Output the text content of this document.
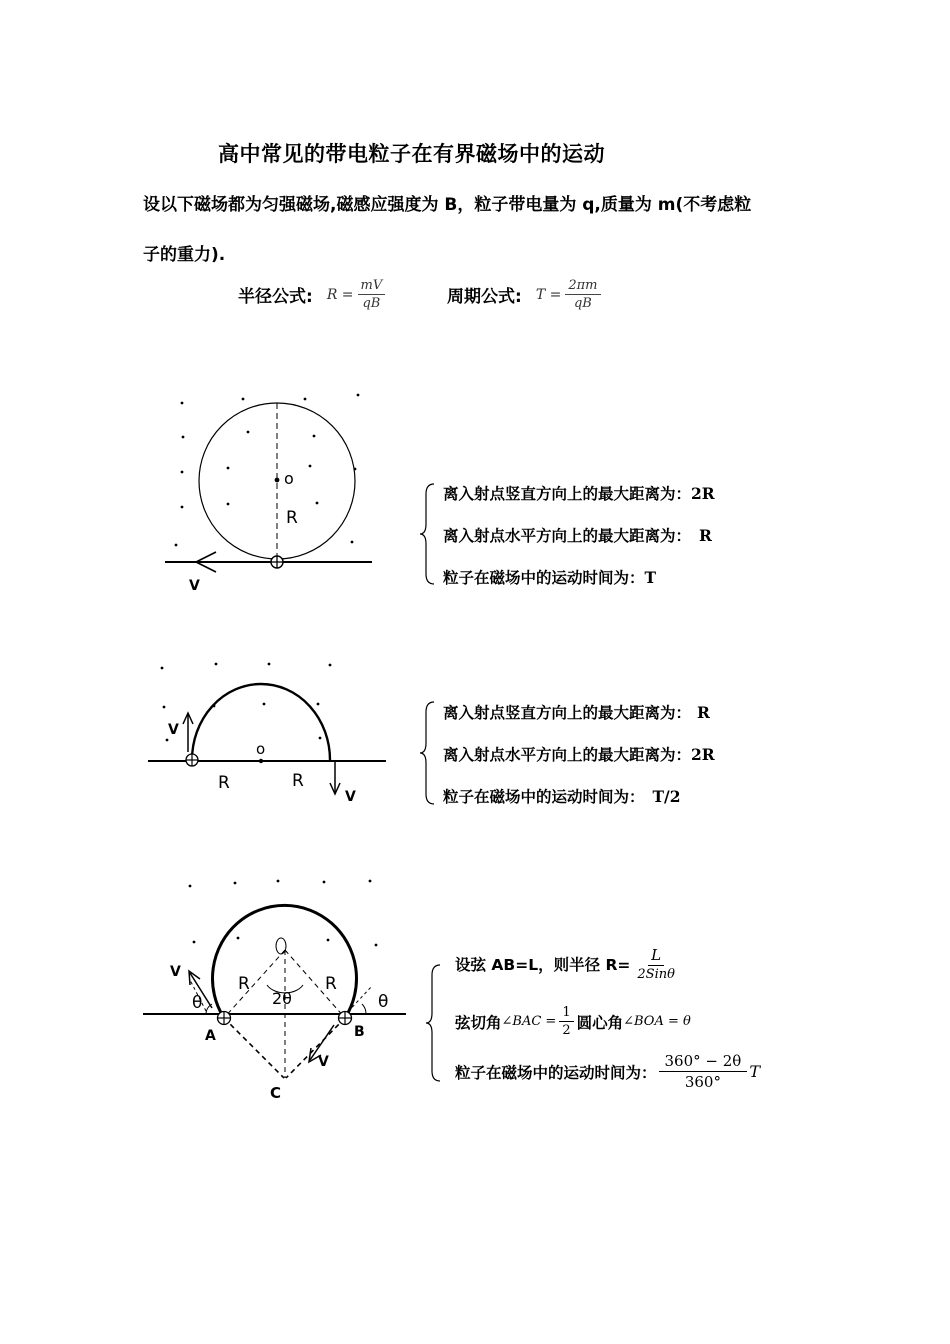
高中常见的带电粒子在有界磁场中的运动
设以下磁场都为匀强磁场,磁感应强度为 B，粒子带电量为 q,质量为 m(不考虑粒
子的重力).
半径公式: $R = \frac{mV}{qB}$	周期公式: $T = \frac{2\pi m}{qB}$
o
R
V
离入射点竖直方向上的最大距离为：2R
离入射点水平方向上的最大距离为： R
粒子在磁场中的运动时间为：T
o
R	R
V
V
离入射点竖直方向上的最大距离为： R
离入射点水平方向上的最大距离为：2R
粒子在磁场中的运动时间为： T/2
V
V
R	R
θ	θ
2θ
A	B
C
设弦 AB=L，则半径 $R= \frac{L}{\text{2Sinθ}}$
弦切角 ∠BAC = $\frac{1}{2}$ 圆心角 ∠BOA = θ
粒子在磁场中的运动时间为： $\frac{360^\circ - 2\theta}{360^\circ}$ T
